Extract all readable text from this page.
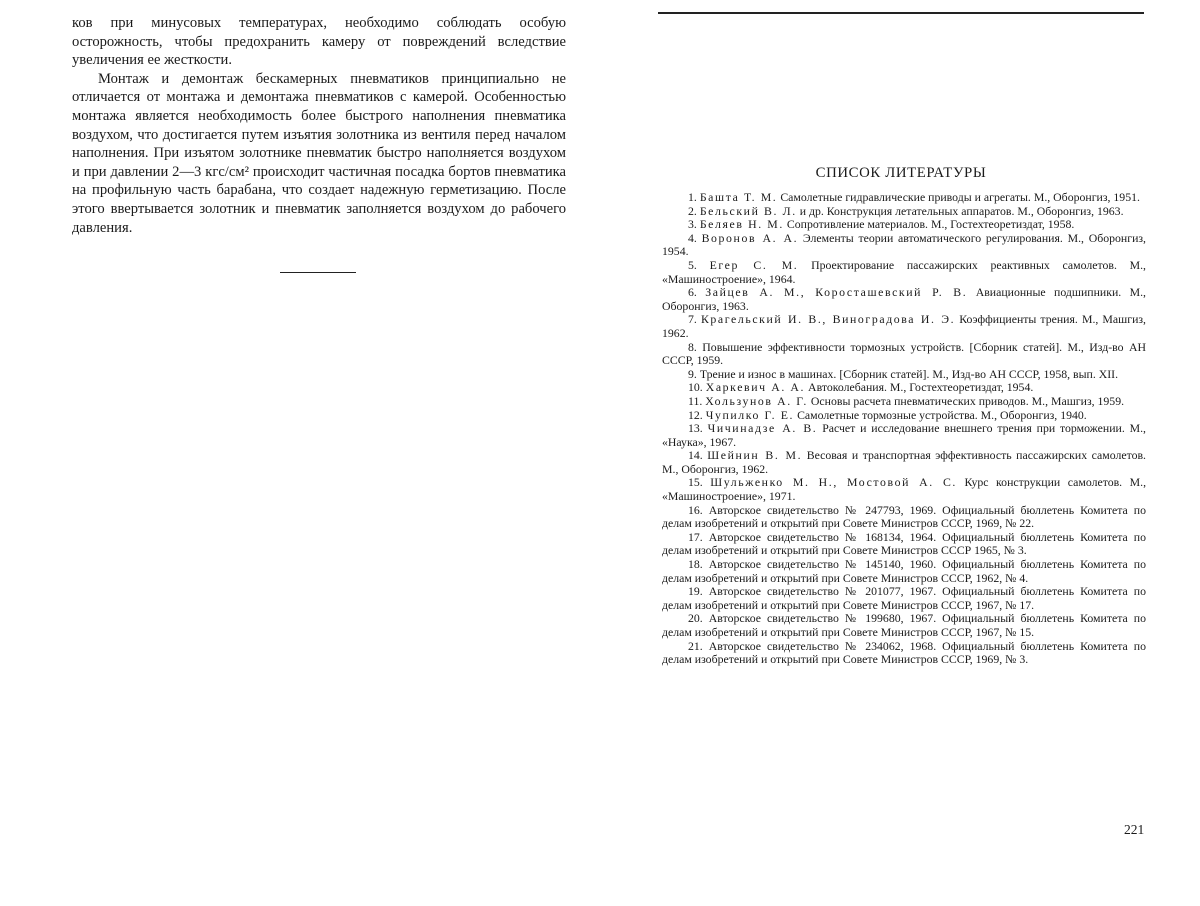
ков при минусовых температурах, необходимо соблюдать особую осторожность, чтобы предохранить камеру от повреждений вследствие увеличения ее жесткости.

Монтаж и демонтаж бескамерных пневматиков принципиально не отличается от монтажа и демонтажа пневматиков с камерой. Особенностью монтажа является необходимость более быстрого наполнения пневматика воздухом, что достигается путем изъятия золотника из вентиля перед началом наполнения. При изъятом золотнике пневматик быстро наполняется воздухом и при давлении 2—3 кгс/см² происходит частичная посадка бортов пневматика на профильную часть барабана, что создает надежную герметизацию. После этого ввертывается золотник и пневматик заполняется воздухом до рабочего давления.

СПИСОК ЛИТЕРАТУРЫ

1. Башта Т. М. Самолетные гидравлические приводы и агрегаты. М., Оборонгиз, 1951.

2. Бельский В. Л. и др. Конструкция летательных аппаратов. М., Оборонгиз, 1963.

3. Беляев Н. М. Сопротивление материалов. М., Гостехтеоретиздат, 1958.

4. Воронов А. А. Элементы теории автоматического регулирования. М., Оборонгиз, 1954.

5. Егер С. М. Проектирование пассажирских реактивных самолетов. М., «Машиностроение», 1964.

6. Зайцев А. М., Коросташевский Р. В. Авиационные подшипники. М., Оборонгиз, 1963.

7. Крагельский И. В., Виноградова И. Э. Коэффициенты трения. М., Машгиз, 1962.

8. Повышение эффективности тормозных устройств. [Сборник статей]. М., Изд-во АН СССР, 1959.

9. Трение и износ в машинах. [Сборник статей]. М., Изд-во АН СССР, 1958, вып. XII.

10. Харкевич А. А. Автоколебания. М., Гостехтеоретиздат, 1954.

11. Хользунов А. Г. Основы расчета пневматических приводов. М., Машгиз, 1959.

12. Чупилко Г. Е. Самолетные тормозные устройства. М., Оборонгиз, 1940.

13. Чичинадзе А. В. Расчет и исследование внешнего трения при торможении. М., «Наука», 1967.

14. Шейнин В. М. Весовая и транспортная эффективность пассажирских самолетов. М., Оборонгиз, 1962.

15. Шульженко М. Н., Мостовой А. С. Курс конструкции самолетов. М., «Машиностроение», 1971.

16. Авторское свидетельство № 247793, 1969. Официальный бюллетень Комитета по делам изобретений и открытий при Совете Министров СССР, 1969, № 22.

17. Авторское свидетельство № 168134, 1964. Официальный бюллетень Комитета по делам изобретений и открытий при Совете Министров СССР 1965, № 3.

18. Авторское свидетельство № 145140, 1960. Официальный бюллетень Комитета по делам изобретений и открытий при Совете Министров СССР, 1962, № 4.

19. Авторское свидетельство № 201077, 1967. Официальный бюллетень Комитета по делам изобретений и открытий при Совете Министров СССР, 1967, № 17.

20. Авторское свидетельство № 199680, 1967. Официальный бюллетень Комитета по делам изобретений и открытий при Совете Министров СССР, 1967, № 15.

21. Авторское свидетельство № 234062, 1968. Официальный бюллетень Комитета по делам изобретений и открытий при Совете Министров СССР, 1969, № 3.

221
